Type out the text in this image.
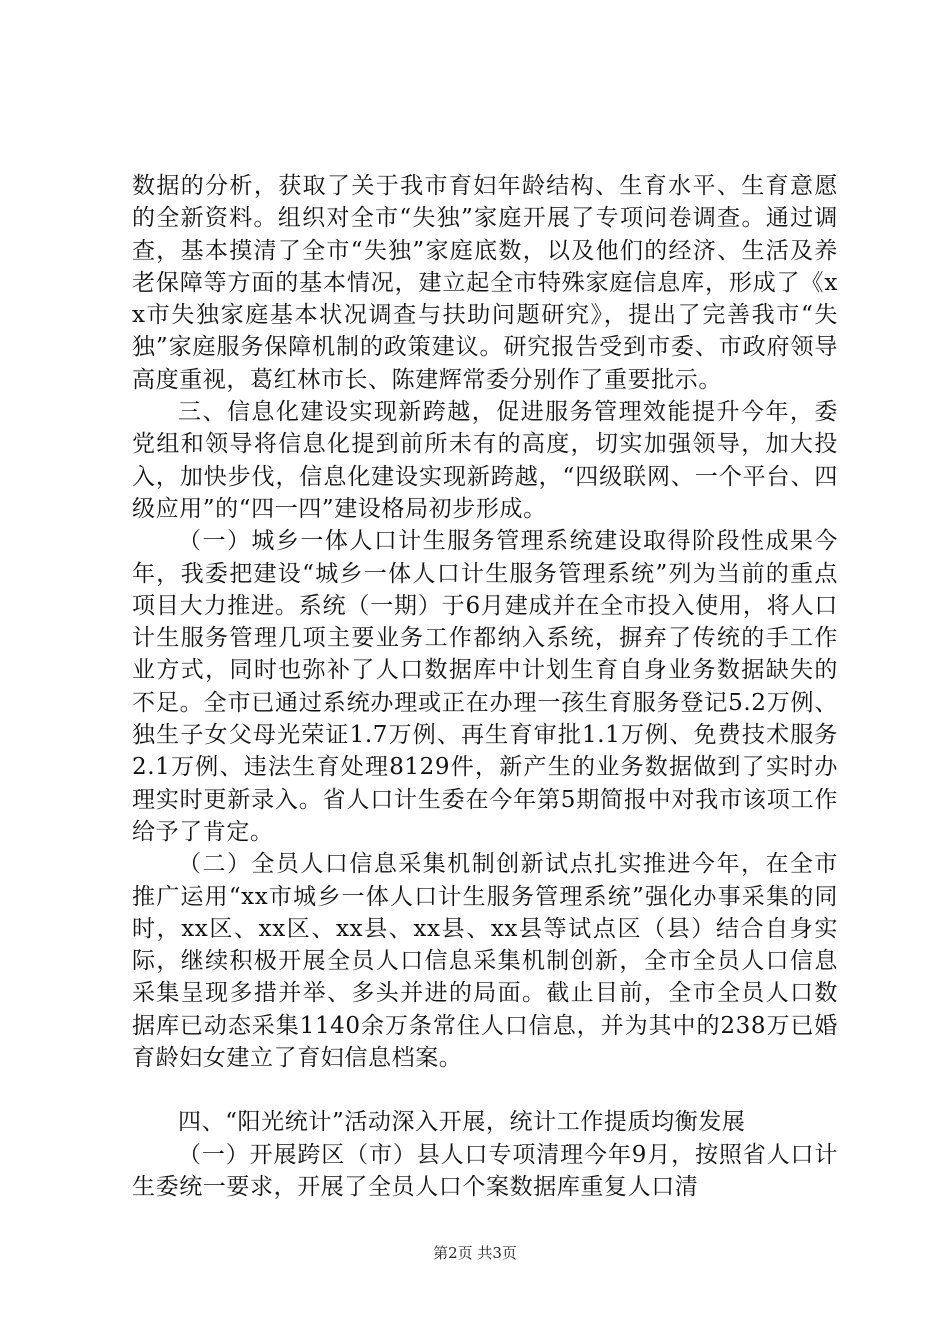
数据的分析，获取了关于我市育妇年龄结构、生育水平、生育意愿的全新资料。组织对全市“失独”家庭开展了专项问卷调查。通过调查，基本摸清了全市“失独”家庭底数，以及他们的经济、生活及养老保障等方面的基本情况，建立起全市特殊家庭信息库，形成了《xx市失独家庭基本状况调查与扶助问题研究》，提出了完善我市“失独”家庭服务保障机制的政策建议。研究报告受到市委、市政府领导高度重视，葛红林市长、陈建辉常委分别作了重要批示。

三、信息化建设实现新跨越，促进服务管理效能提升今年，委党组和领导将信息化提到前所未有的高度，切实加强领导，加大投入，加快步伐，信息化建设实现新跨越，“四级联网、一个平台、四级应用”的“四一四”建设格局初步形成。

（一）城乡一体人口计生服务管理系统建设取得阶段性成果今年，我委把建设“城乡一体人口计生服务管理系统”列为当前的重点项目大力推进。系统（一期）于6月建成并在全市投入使用，将人口计生服务管理几项主要业务工作都纳入系统，摒弃了传统的手工作业方式，同时也弥补了人口数据库中计划生育自身业务数据缺失的不足。全市已通过系统办理或正在办理一孩生育服务登记5.2万例、独生子女父母光荣证1.7万例、再生育审批1.1万例、免费技术服务2.1万例、违法生育处理8129件，新产生的业务数据做到了实时办理实时更新录入。省人口计生委在今年第5期简报中对我市该项工作给予了肯定。

（二）全员人口信息采集机制创新试点扎实推进今年，在全市推广运用“xx市城乡一体人口计生服务管理系统”强化办事采集的同时，xx区、xx区、xx县、xx县、xx县等试点区（县）结合自身实际，继续积极开展全员人口信息采集机制创新，全市全员人口信息采集呈现多措并举、多头并进的局面。截止目前，全市全员人口数据库已动态采集1140余万条常住人口信息，并为其中的238万已婚育龄妇女建立了育妇信息档案。

四、“阳光统计”活动深入开展，统计工作提质均衡发展

（一）开展跨区（市）县人口专项清理今年9月，按照省人口计生委统一要求，开展了全员人口个案数据库重复人口清

第2页 共3页
